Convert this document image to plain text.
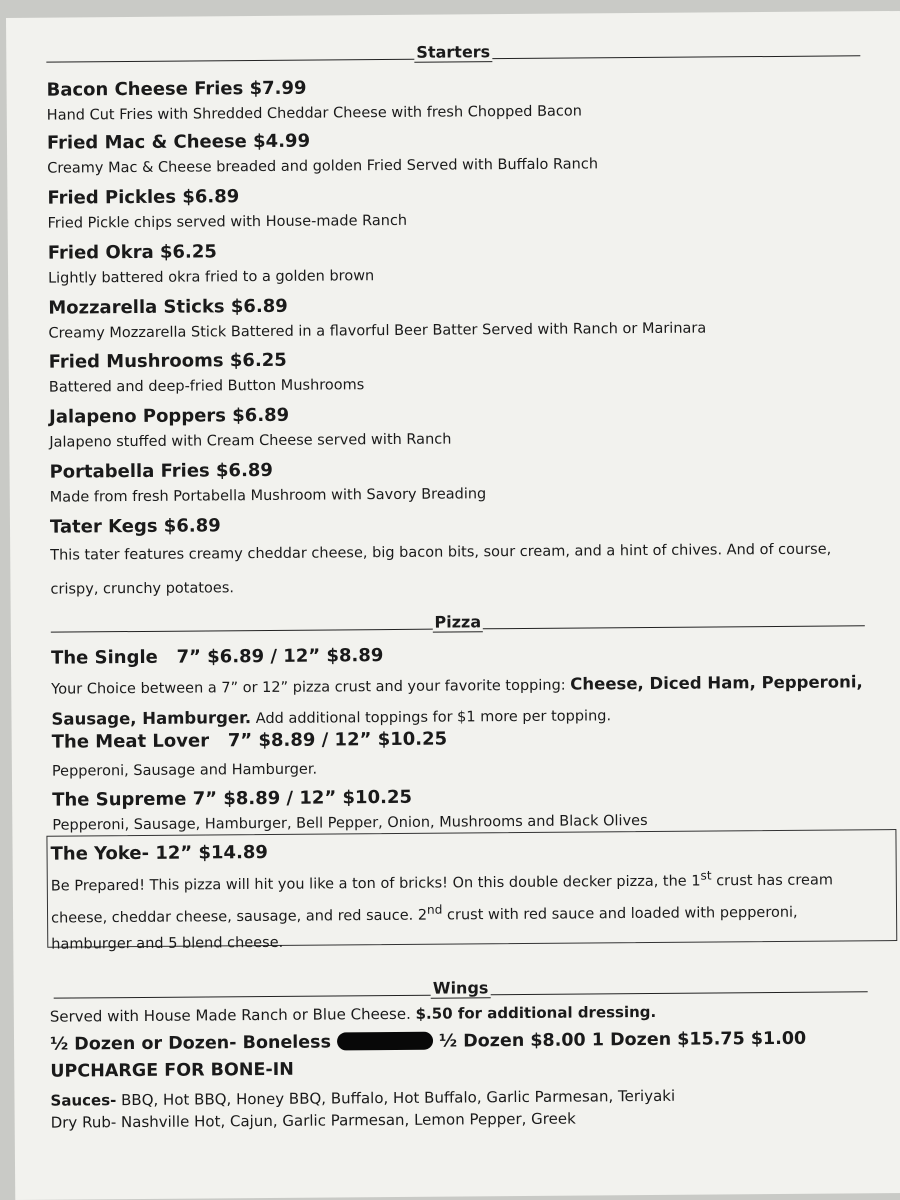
Starters
Bacon Cheese Fries $7.99
Hand Cut Fries with Shredded Cheddar Cheese with fresh Chopped Bacon
Fried Mac & Cheese $4.99
Creamy Mac & Cheese breaded and golden Fried Served with Buffalo Ranch
Fried Pickles $6.89
Fried Pickle chips served with House-made Ranch
Fried Okra $6.25
Lightly battered okra fried to a golden brown
Mozzarella Sticks $6.89
Creamy Mozzarella Stick Battered in a flavorful Beer Batter Served with Ranch or Marinara
Fried Mushrooms $6.25
Battered and deep-fried Button Mushrooms
Jalapeno Poppers $6.89
Jalapeno stuffed with Cream Cheese served with Ranch
Portabella Fries $6.89
Made from fresh Portabella Mushroom with Savory Breading
Tater Kegs $6.89
This tater features creamy cheddar cheese, big bacon bits, sour cream, and a hint of chives. And of course, crispy, crunchy potatoes.
Pizza
The Single   7” $6.89 / 12” $8.89
Your Choice between a 7” or 12” pizza crust and your favorite topping: Cheese, Diced Ham, Pepperoni, Sausage, Hamburger. Add additional toppings for $1 more per topping.
The Meat Lover   7” $8.89 / 12” $10.25
Pepperoni, Sausage and Hamburger.
The Supreme 7” $8.89 / 12” $10.25
Pepperoni, Sausage, Hamburger, Bell Pepper, Onion, Mushrooms and Black Olives
The Yoke- 12” $14.89
Be Prepared! This pizza will hit you like a ton of bricks! On this double decker pizza, the 1st crust has cream cheese, cheddar cheese, sausage, and red sauce. 2nd crust with red sauce and loaded with pepperoni, hamburger and 5 blend cheese.
Wings
Served with House Made Ranch or Blue Cheese. $.50 for additional dressing.
½ Dozen or Dozen- Boneless	½ Dozen $8.00 1 Dozen $15.75 $1.00 UPCHARGE FOR BONE-IN
Sauces- BBQ, Hot BBQ, Honey BBQ, Buffalo, Hot Buffalo, Garlic Parmesan, Teriyaki
Dry Rub- Nashville Hot, Cajun, Garlic Parmesan, Lemon Pepper, Greek
